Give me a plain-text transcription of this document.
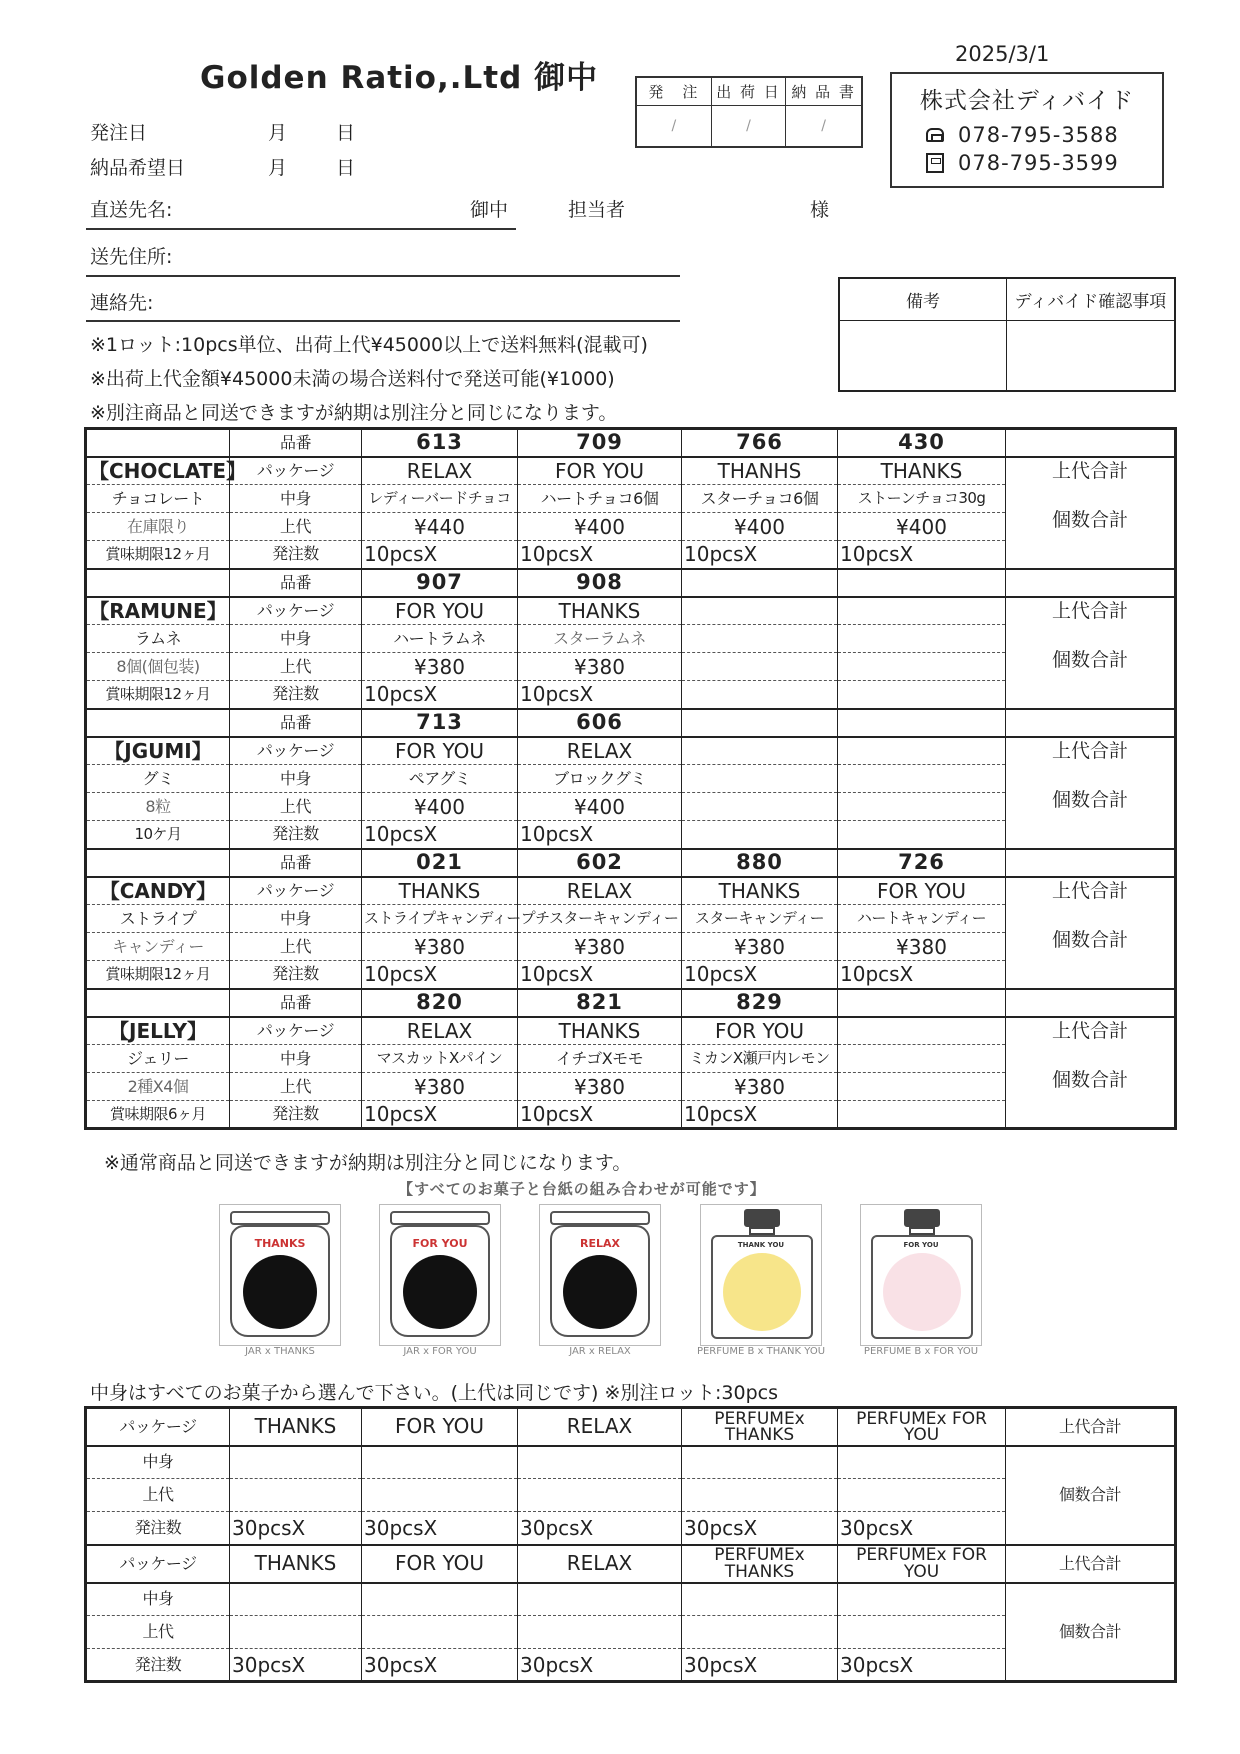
Golden Ratio,.Ltd 御中
2025/3/1
発注日	月	日
納品希望日	月	日
発　注	出 荷 日 納 品 書
/	/	/
株式会社ディバイド
078-795-3588
078-795-3599
直送先名:	御中	担当者	様
送先住所:
連絡先:	備考	ディバイド確認事項
※1ロット:10pcs単位、出荷上代¥45000以上で送料無料(混載可)
※出荷上代金額¥45000未満の場合送料付で発送可能(¥1000)
※別注商品と同送できますが納期は別注分と同じになります。
	品番	613	709	766	430	
【CHOCLATE】	パッケージ	RELAX	FOR YOU	THANHS	THANKS	上代合計
個数合計

チョコレート	中身	レディーバードチョコ	ハートチョコ6個	スターチョコ6個	ストーンチョコ30g	
在庫限り	上代	¥440	¥400	¥400	¥400	
賞味期限12ヶ月	発注数	10pcsX	10pcsX	10pcsX	10pcsX	
	品番	907	908			
【RAMUNE】	パッケージ	FOR YOU	THANKS			上代合計
個数合計

ラムネ	中身	ハートラムネ	スターラムネ			
8個(個包装)	上代	¥380	¥380			
賞味期限12ヶ月	発注数	10pcsX	10pcsX			
	品番	713	606			
【JGUMI】	パッケージ	FOR YOU	RELAX			上代合計
個数合計

グミ	中身	ペアグミ	ブロックグミ			
8粒	上代	¥400	¥400			
10ケ月	発注数	10pcsX	10pcsX			
	品番	021	602	880	726	
【CANDY】	パッケージ	THANKS	RELAX	THANKS	FOR YOU	上代合計
個数合計

ストライプ	中身	ストライプキャンディー	プチスターキャンディー	スターキャンディー	ハートキャンディー	
キャンディー	上代	¥380	¥380	¥380	¥380	
賞味期限12ヶ月	発注数	10pcsX	10pcsX	10pcsX	10pcsX	
	品番	820	821	829		
【JELLY】	パッケージ	RELAX	THANKS	FOR YOU		上代合計
個数合計

ジェリー	中身	マスカットXパイン	イチゴXモモ	ミカンX瀬戸内レモン		
2種X4個	上代	¥380	¥380	¥380		
賞味期限6ヶ月	発注数	10pcsX	10pcsX	10pcsX		
※通常商品と同送できますが納期は別注分と同じになります。
【すべてのお菓子と台紙の組み合わせが可能です】
THANKS
JAR x THANKS
FOR YOU
JAR x FOR YOU
RELAX
JAR x RELAX
THANK YOU
PERFUME B x THANK YOU
FOR YOU
PERFUME B x FOR YOU
中身はすべてのお菓子から選んで下さい。(上代は同じです) ※別注ロット:30pcs
パッケージ	THANKS	FOR YOU	RELAX	PERFUMEx THANKS	PERFUMEx FOR YOU	上代合計
中身						個数合計
上代						
発注数	30pcsX	30pcsX	30pcsX	30pcsX	30pcsX	
パッケージ	THANKS	FOR YOU	RELAX	PERFUMEx THANKS	PERFUMEx FOR YOU	上代合計
中身						個数合計
上代						
発注数	30pcsX	30pcsX	30pcsX	30pcsX	30pcsX	
